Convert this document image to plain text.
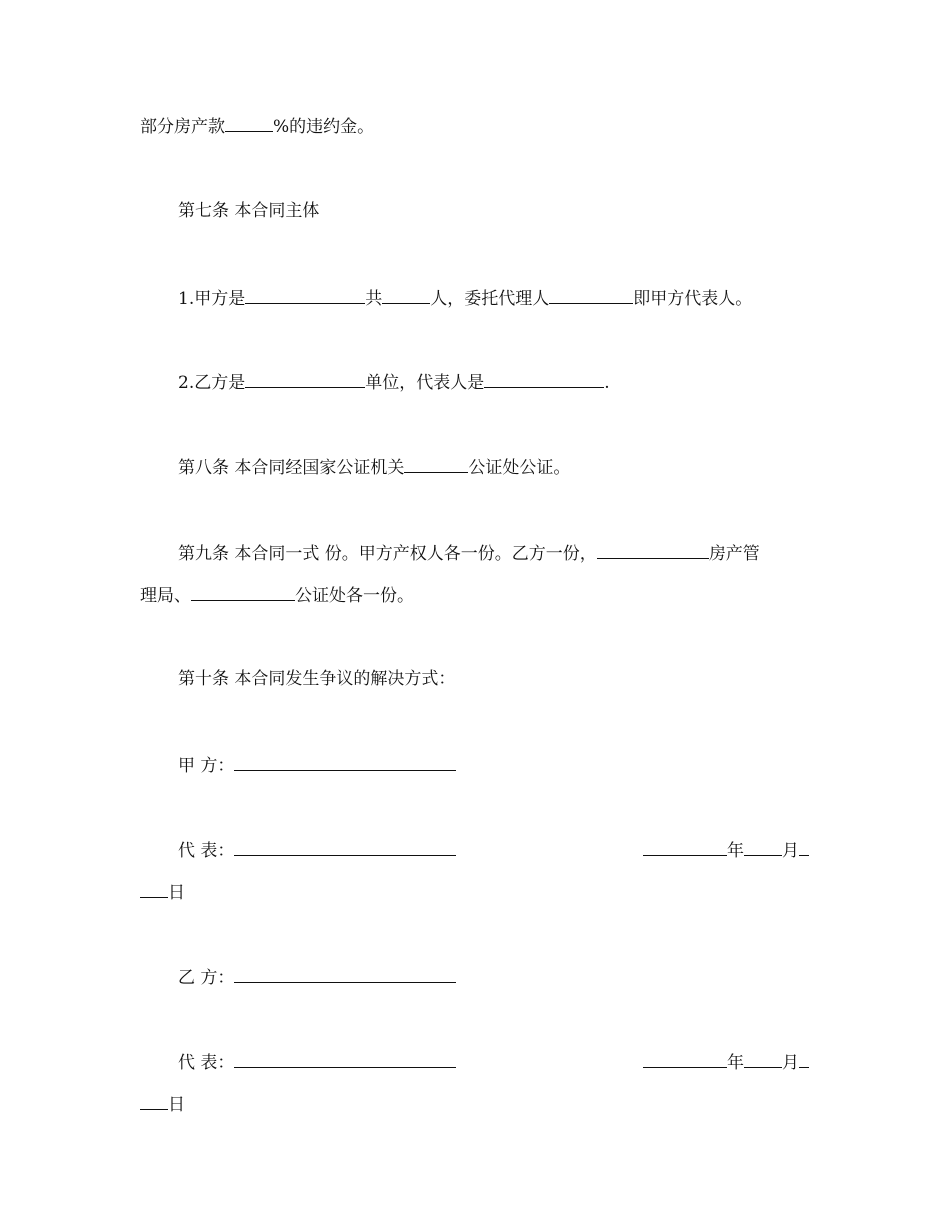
部分房产款	%的违约金。
第七条 本合同主体
1.甲方是	共	人，委托代理人	即甲方代表人。
2.乙方是	单位，代表人是	.
第八条 本合同经国家公证机关	公证处公证。
第九条 本合同一式 份。甲方产权人各一份。乙方一份，	房产管
理局、	公证处各一份。
第十条 本合同发生争议的解决方式：
甲 方：
代 表：	年 月
日
乙 方：
代 表：	年 月
日
